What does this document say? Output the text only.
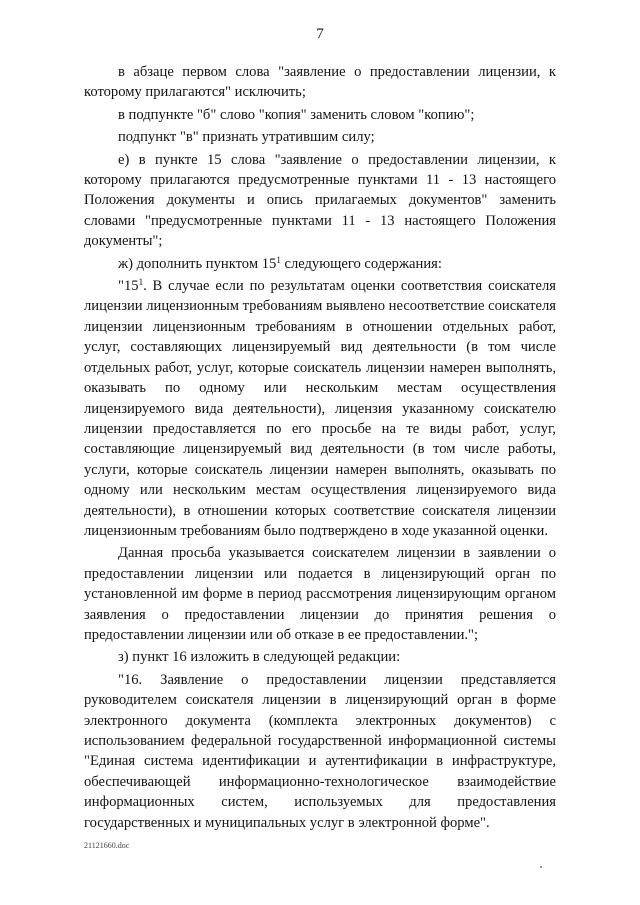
7

в абзаце первом слова "заявление о предоставлении лицензии, к которому прилагаются" исключить;

в подпункте "б" слово "копия" заменить словом "копию";

подпункт "в" признать утратившим силу;

е) в пункте 15 слова "заявление о предоставлении лицензии, к которому прилагаются предусмотренные пунктами 11 - 13 настоящего Положения документы и опись прилагаемых документов" заменить словами "предусмотренные пунктами 11 - 13 настоящего Положения документы";

ж) дополнить пунктом $15^1$ следующего содержания:

"$15^1$. В случае если по результатам оценки соответствия соискателя лицензии лицензионным требованиям выявлено несоответствие соискателя лицензии лицензионным требованиям в отношении отдельных работ, услуг, составляющих лицензируемый вид деятельности (в том числе отдельных работ, услуг, которые соискатель лицензии намерен выполнять, оказывать по одному или нескольким местам осуществления лицензируемого вида деятельности), лицензия указанному соискателю лицензии предоставляется по его просьбе на те виды работ, услуг, составляющие лицензируемый вид деятельности (в том числе работы, услуги, которые соискатель лицензии намерен выполнять, оказывать по одному или нескольким местам осуществления лицензируемого вида деятельности), в отношении которых соответствие соискателя лицензии лицензионным требованиям было подтверждено в ходе указанной оценки.

Данная просьба указывается соискателем лицензии в заявлении о предоставлении лицензии или подается в лицензирующий орган по установленной им форме в период рассмотрения лицензирующим органом заявления о предоставлении лицензии до принятия решения о предоставлении лицензии или об отказе в ее предоставлении.";

з) пункт 16 изложить в следующей редакции:

"16. Заявление о предоставлении лицензии представляется руководителем соискателя лицензии в лицензирующий орган в форме электронного документа (комплекта электронных документов) с использованием федеральной государственной информационной системы "Единая система идентификации и аутентификации в инфраструктуре, обеспечивающей информационно-технологическое взаимодействие информационных систем, используемых для предоставления государственных и муниципальных услуг в электронной форме".

21121660.doc
